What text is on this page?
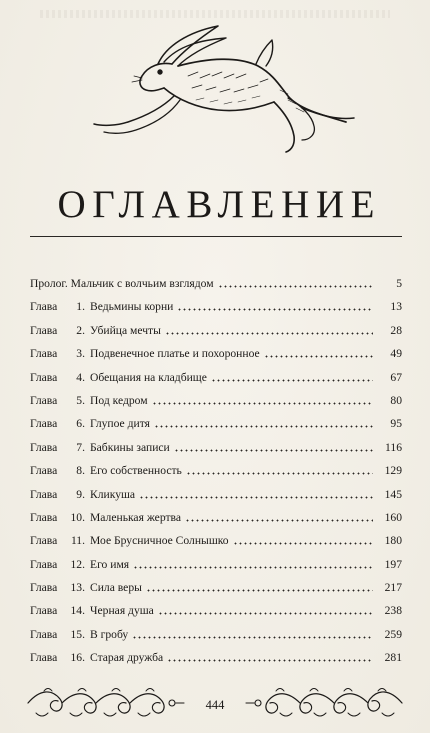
ОГЛАВЛЕНИЕ
Пролог. Мальчик с волчьим взглядом	5
Глава	1. Ведьмины корни	13
Глава	2. Убийца мечты	28
Глава	3. Подвенечное платье и похоронное	49
Глава	4. Обещания на кладбище	67
Глава	5. Под кедром	80
Глава	6. Глупое дитя	95
Глава	7. Бабкины записи	116
Глава	8. Его собственность	129
Глава	9. Кликуша	145
Глава	10. Маленькая жертва	160
Глава	11. Мое Брусничное Солнышко	180
Глава	12. Его имя	197
Глава	13. Сила веры	217
Глава	14. Черная душа	238
Глава	15. В гробу	259
Глава	16. Старая дружба	281
444
